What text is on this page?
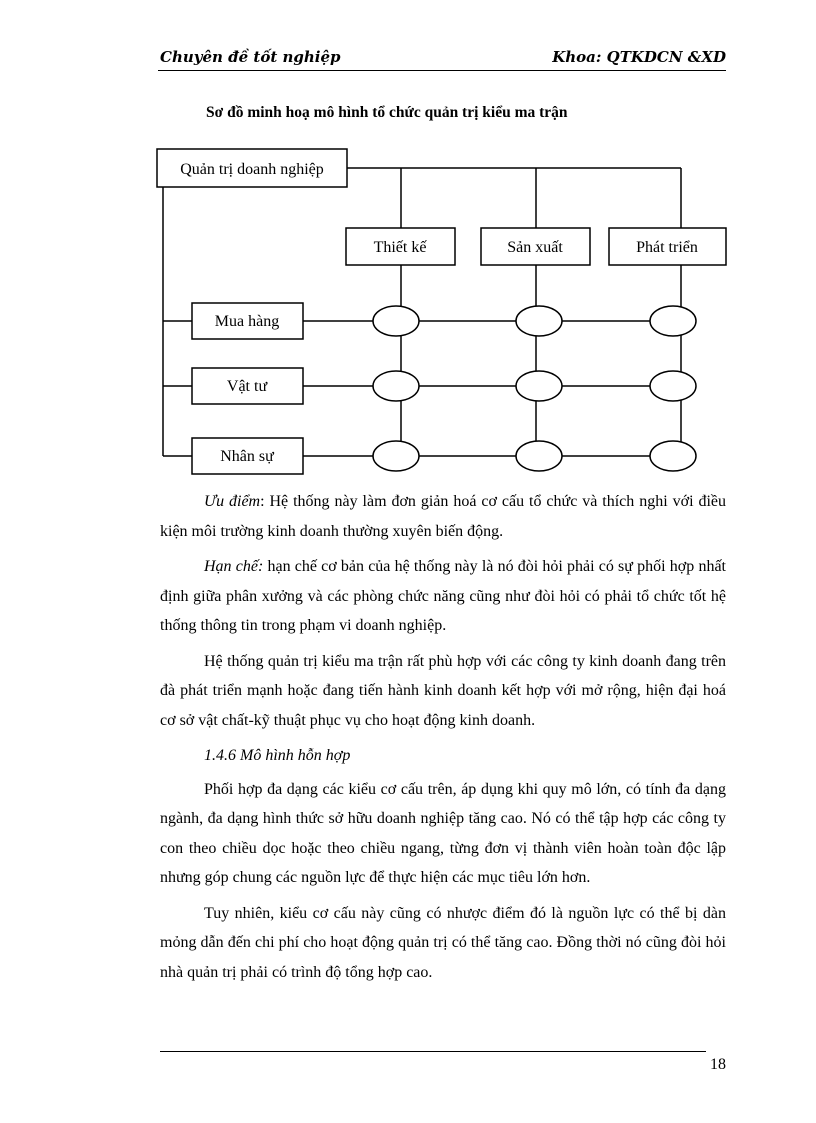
Chuyên đề tốt nghiệp	Khoa: QTKDCN &XD
Sơ đồ minh hoạ mô hình tổ chức quản trị kiểu ma trận
Quản trị doanh nghiệp
Thiết kế	Sản xuất	Phát triển
Mua hàng
Vật tư
Nhân sự

Ưu điểm: Hệ thống này làm đơn giản hoá cơ cấu tổ chức và thích nghi với điều kiện môi trường kinh doanh thường xuyên biến động.

Hạn chế: hạn chế cơ bản của hệ thống này là nó đòi hỏi phải có sự phối hợp nhất định giữa phân xưởng và các phòng chức năng cũng như đòi hỏi có phải tổ chức tốt hệ thống thông tin trong phạm vi doanh nghiệp.

Hệ thống quản trị kiểu ma trận rất phù hợp với các công ty kinh doanh đang trên đà phát triển mạnh hoặc đang tiến hành kinh doanh kết hợp với mở rộng, hiện đại hoá cơ sở vật chất-kỹ thuật phục vụ cho hoạt động kinh doanh.

1.4.6 Mô hình hỗn hợp

Phối hợp đa dạng các kiểu cơ cấu trên, áp dụng khi quy mô lớn, có tính đa dạng ngành, đa dạng hình thức sở hữu doanh nghiệp tăng cao. Nó có thể tập hợp các công ty con theo chiều dọc hoặc theo chiều ngang, từng đơn vị thành viên hoàn toàn độc lập nhưng góp chung các nguồn lực để thực hiện các mục tiêu lớn hơn.

Tuy nhiên, kiểu cơ cấu này cũng có nhược điểm đó là nguồn lực có thể bị dàn mỏng dẫn đến chi phí cho hoạt động quản trị có thể tăng cao. Đồng thời nó cũng đòi hỏi nhà quản trị phải có trình độ tổng hợp cao.

18
